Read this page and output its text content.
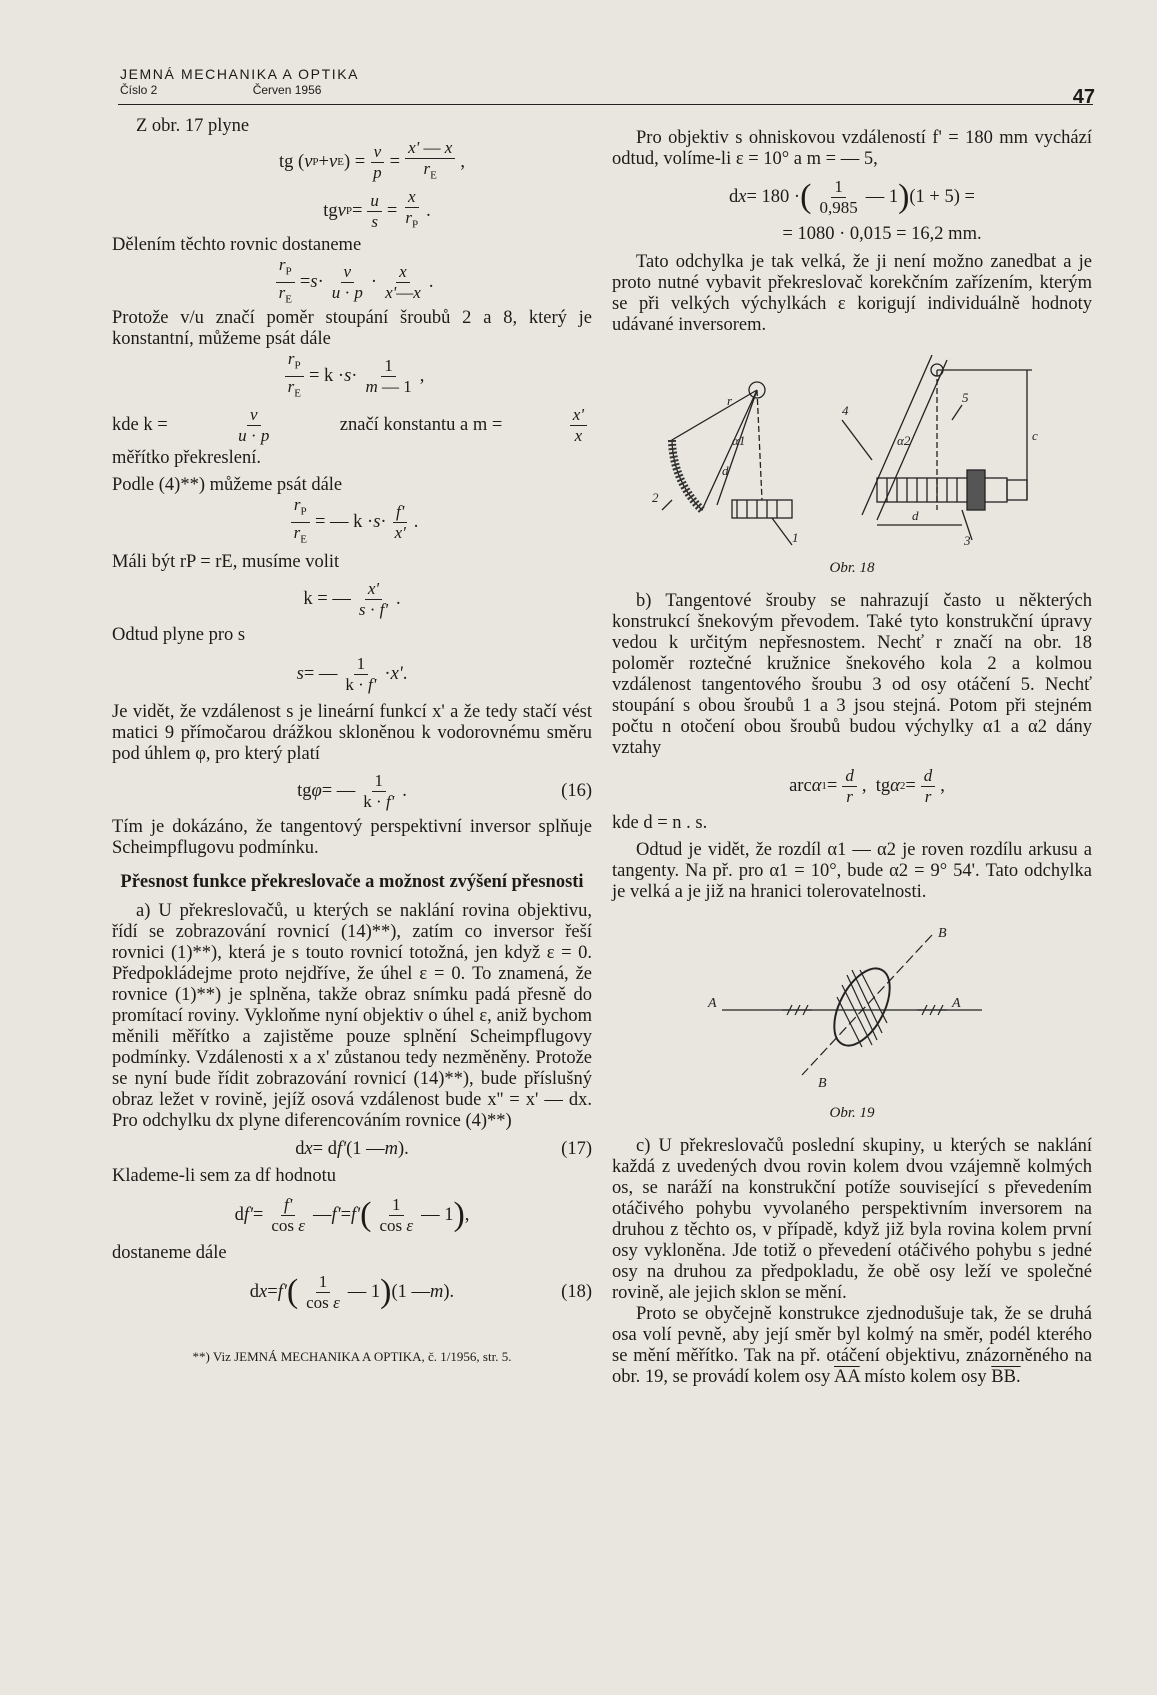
JEMNÁ MECHANIKA A OPTIKA
Číslo 2	Červen 1956	47

Z obr. 17 plyne

tg ( v P + v E ) = $\frac{v}{p} = \frac{x' — x}{r_E}$ ,
tg v $P = \frac{u}{s} = \frac{x}{r_P}$ .

Dělením těchto rovnic dostaneme

$\frac{r_P}{r_E} = s \cdot \frac{v}{u \cdot p} \cdot \frac{x}{x'—x}$ .

Protože v/u značí poměr stoupání šroubů 2 a 8, který je konstantní, můžeme psát dále

$\frac{r_P}{r_E} = k \cdot s \cdot \frac{1}{m — 1}$ ,
kde k =	$\frac{v}{u \cdot p}$	značí konstantu a m =	$\frac{x'}{x}$

měřítko překreslení.

Podle (4)**) můžeme psát dále

$\frac{r_P}{r_E}$ = — $k \cdot s \cdot \frac{f'}{x'}$ .

Máli být rP = rE, musíme volit

k = — $\frac{x'}{s \cdot f'}$ .

Odtud plyne pro s

s = — $\frac{1}{k \cdot f'} \cdot x'$ .

Je vidět, že vzdálenost s je lineární funkcí x' a že tedy stačí vést matici 9 přímočarou drážkou skloněnou k vodorovnému směru pod úhlem φ, pro který platí

tg φ = — $\frac{1}{k \cdot f'}$ .	(16)

Tím je dokázáno, že tangentový perspektivní inversor splňuje Scheimpflugovu podmínku.

Přesnost funkce překreslovače a možnost zvýšení přesnosti

a) U překreslovačů, u kterých se naklání rovina objektivu, řídí se zobrazování rovnicí (14)**), zatím co inversor řeší rovnici (1)**), která je s touto rovnicí totožná, jen když ε = 0. Předpokládejme proto nejdříve, že úhel ε = 0. To znamená, že rovnice (1)**) je splněna, takže obraz snímku padá přesně do promítací roviny. Vykloňme nyní objektiv o úhel ε, aniž bychom měnili měřítko a zajistěme pouze splnění Scheimpflugovy podmínky. Vzdálenosti x a x' zůstanou tedy nezměněny. Protože se nyní bude řídit zobrazování rovnicí (14)**), bude příslušný obraz ležet v rovině, jejíž osová vzdálenost bude x'' = x' — dx. Pro odchylku dx plyne diferencováním rovnice (4)**)

d x = d f' (1 — m ).	(17)

Klademe-li sem za df hodnotu

d $f' = \frac{f'}{\text{cos ε}}$ — f' = f' ( $\frac{1}{\text{cos ε}}$ — 1 ) ,

dostaneme dále

d x = f' ( $\frac{1}{\text{cos ε}}$ — 1 ) (1 — m ).	(18)
**) Viz JEMNÁ MECHANIKA A OPTIKA, č. 1/1956, str. 5.

Pro objektiv s ohniskovou vzdáleností f' = 180 mm vychází odtud, volíme-li ε = 10° a m = — 5,

d x = 180 · ( $\frac{1}{0,985}$ — 1 ) (1 + 5) =
= 1080 · 0,015 = 16,2 mm.

Tato odchylka je tak velká, že ji není možno zanedbat a je proto nutné vybavit překreslovač korekčním zařízením, kterým se při velkých výchylkách ε korigují individuálně hodnoty udávané inversorem.

r
α1
d
2
1
4
α2
5
c
d
3
Obr. 18

b) Tangentové šrouby se nahrazují často u některých konstrukcí šnekovým převodem. Také tyto konstrukční úpravy vedou k určitým nepřesnostem. Nechť r značí na obr. 18 poloměr roztečné kružnice šnekového kola 2 a kolmou vzdálenost tangentového šroubu 3 od osy otáčení 5. Nechť stoupání s obou šroubů 1 a 3 jsou stejná. Potom při stejném počtu n otočení obou šroubů budou výchylky α1 a α2 dány vztahy

arc α $1 = \frac{d}{r}$ ,  tg α $2 = \frac{d}{r}$ ,

kde d = n . s.

Odtud je vidět, že rozdíl α1 — α2 je roven rozdílu arkusu a tangenty. Na př. pro α1 = 10°, bude α2 = 9° 54'. Tato odchylka je velká a je již na hranici tolerovatelnosti.

B
A	A
B
Obr. 19

c) U překreslovačů poslední skupiny, u kterých se naklání každá z uvedených dvou rovin kolem dvou vzájemně kolmých os, se naráží na konstrukční potíže související s převedením otáčivého pohybu vyvolaného perspektivním inversorem na druhou z těchto os, v případě, když již byla rovina kolem první osy vykloněna. Jde totiž o převedení otáčivého pohybu s jedné osy na druhou za předpokladu, že obě osy leží ve společné rovině, ale jejich sklon se mění.

Proto se obyčejně konstrukce zjednodušuje tak, že se druhá osa volí pevně, aby její směr byl kolmý na směr, podél kterého se mění měřítko. Tak na př. otáčení objektivu, znázorněného na obr. 19, se provádí kolem osy $\overline{AA}$ místo kolem osy BB.
